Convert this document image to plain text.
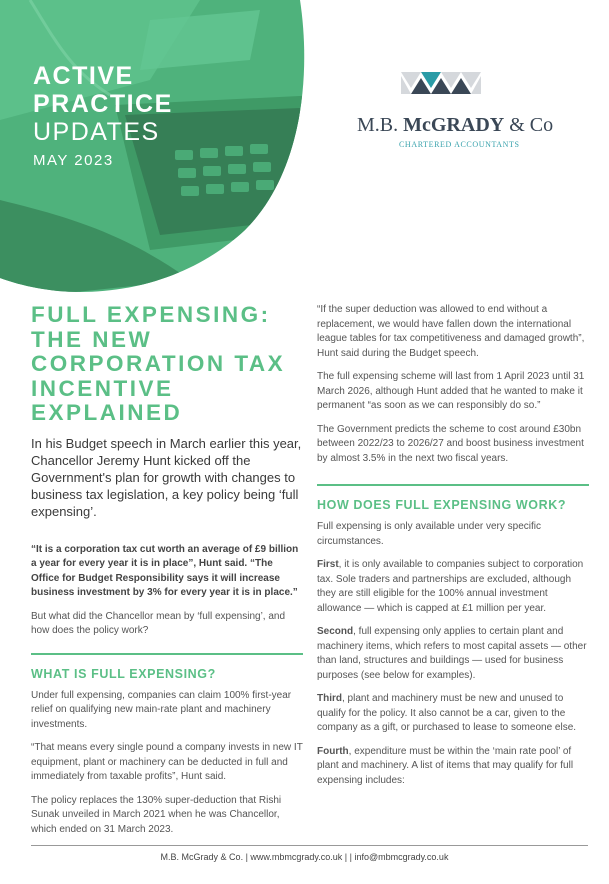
ACTIVE
PRACTICE
UPDATES
MAY 2023
M.B. McGRADY & Co
CHARTERED ACCOUNTANTS
FULL EXPENSING: THE NEW CORPORATION TAX INCENTIVE EXPLAINED
In his Budget speech in March earlier this year, Chancellor Jeremy Hunt kicked off the Government's plan for growth with changes to business tax legislation, a key policy being ‘full expensing’.

“It is a corporation tax cut worth an average of £9 billion a year for every year it is in place”, Hunt said. “The Office for Budget Responsibility says it will increase business investment by 3% for every year it is in place.”

But what did the Chancellor mean by ‘full expensing’, and how does the policy work?

WHAT IS FULL EXPENSING?

Under full expensing, companies can claim 100% first-year relief on qualifying new main-rate plant and machinery investments.

“That means every single pound a company invests in new IT equipment, plant or machinery can be deducted in full and immediately from taxable profits”, Hunt said.

The policy replaces the 130% super-deduction that Rishi Sunak unveiled in March 2021 when he was Chancellor, which ended on 31 March 2023.

“If the super deduction was allowed to end without a replacement, we would have fallen down the international league tables for tax competitiveness and damaged growth”, Hunt said during the Budget speech.

The full expensing scheme will last from 1 April 2023 until 31 March 2026, although Hunt added that he wanted to make it permanent “as soon as we can responsibly do so.”

The Government predicts the scheme to cost around £30bn between 2022/23 to 2026/27 and boost business investment by almost 3.5% in the next two fiscal years.

HOW DOES FULL EXPENSING WORK?

Full expensing is only available under very specific circumstances.

First, it is only available to companies subject to corporation tax. Sole traders and partnerships are excluded, although they are still eligible for the 100% annual investment allowance — which is capped at £1 million per year.

Second, full expensing only applies to certain plant and machinery items, which refers to most capital assets — other than land, structures and buildings — used for business purposes (see below for examples).

Third, plant and machinery must be new and unused to qualify for the policy. It also cannot be a car, given to the company as a gift, or purchased to lease to someone else.

Fourth, expenditure must be within the ‘main rate pool’ of plant and machinery. A list of items that may qualify for full expensing includes:

M.B. McGrady & Co. | www.mbmcgrady.co.uk | | info@mbmcgrady.co.uk
